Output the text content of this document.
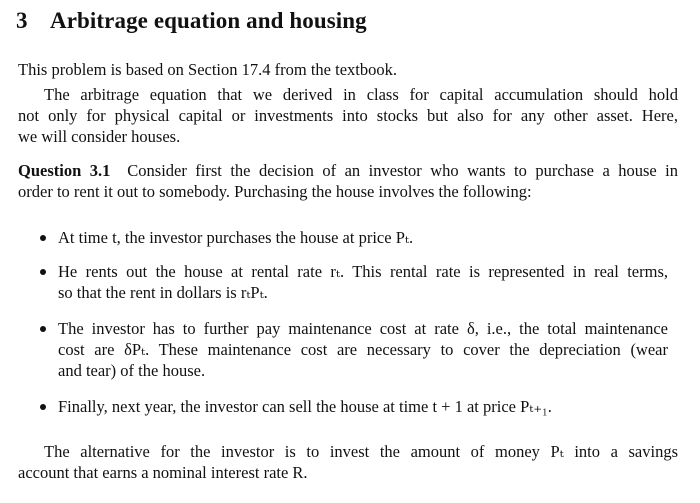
3 Arbitrage equation and housing
This problem is based on Section 17.4 from the textbook.
The arbitrage equation that we derived in class for capital accumulation should hold
not only for physical capital or investments into stocks but also for any other asset. Here,
we will consider houses.
Question 3.1 Consider first the decision of an investor who wants to purchase a house in
order to rent it out to somebody. Purchasing the house involves the following:
At time t, the investor purchases the house at price Pₜ.
He rents out the house at rental rate rₜ. This rental rate is represented in real terms,
so that the rent in dollars is rₜPₜ.
The investor has to further pay maintenance cost at rate δ, i.e., the total maintenance
cost are δPₜ. These maintenance cost are necessary to cover the depreciation (wear
and tear) of the house.
Finally, next year, the investor can sell the house at time t + 1 at price Pₜ₊₁.
The alternative for the investor is to invest the amount of money Pₜ into a savings
account that earns a nominal interest rate R.
